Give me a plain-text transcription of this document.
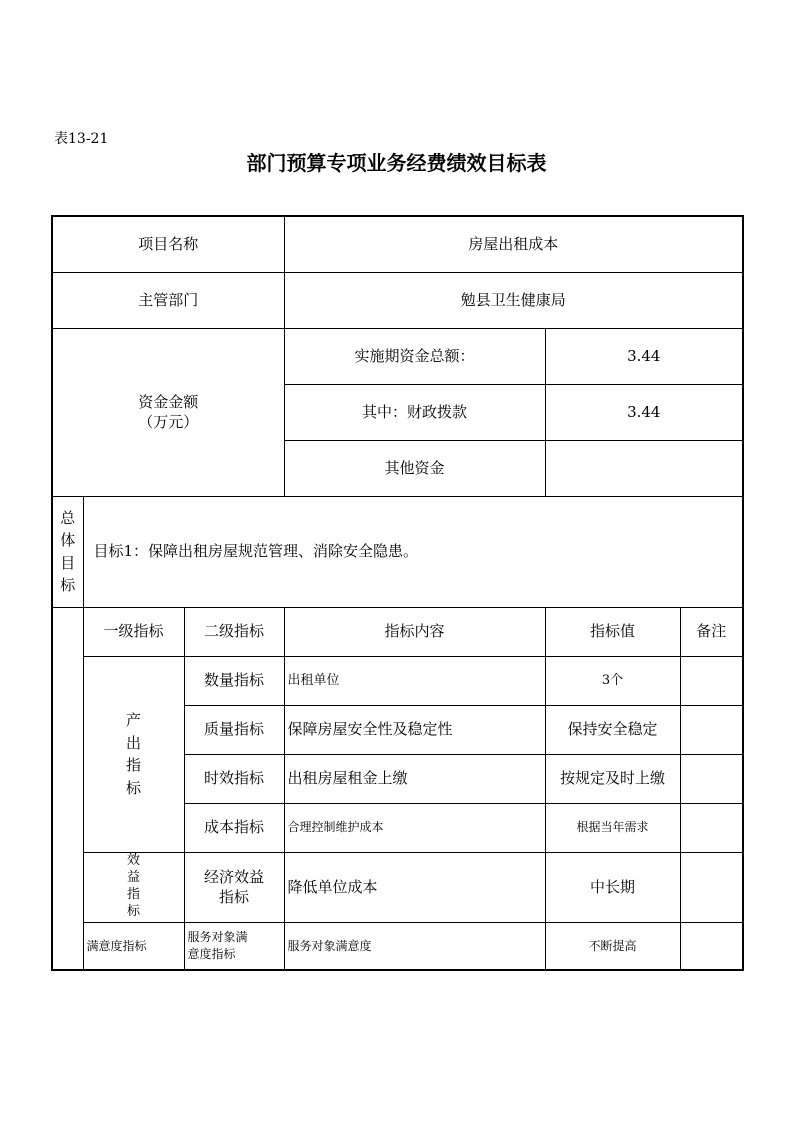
表13-21
部门预算专项业务经费绩效目标表
项目名称			房屋出租成本		
主管部门			勉县卫生健康局		

资金金额
（万元）			实施期资金总额：	3.44	
			其中：财政拨款	3.44	
			其他资金		
总体目标	目标1：保障出租房屋规范管理、消除安全隐患。				
	一级指标	二级指标	指标内容	指标值	备注
	产出指标	数量指标	出租单位	3个	
		质量指标	保障房屋安全性及稳定性	保持安全稳定	
		时效指标	出租房屋租金上缴	按规定及时上缴	
		成本指标	合理控制维护成本	根据当年需求	
	效益指标	经济效益指标	降低单位成本	中长期	
	满意度指标	服务对象满意度指标	服务对象满意度	不断提高	
